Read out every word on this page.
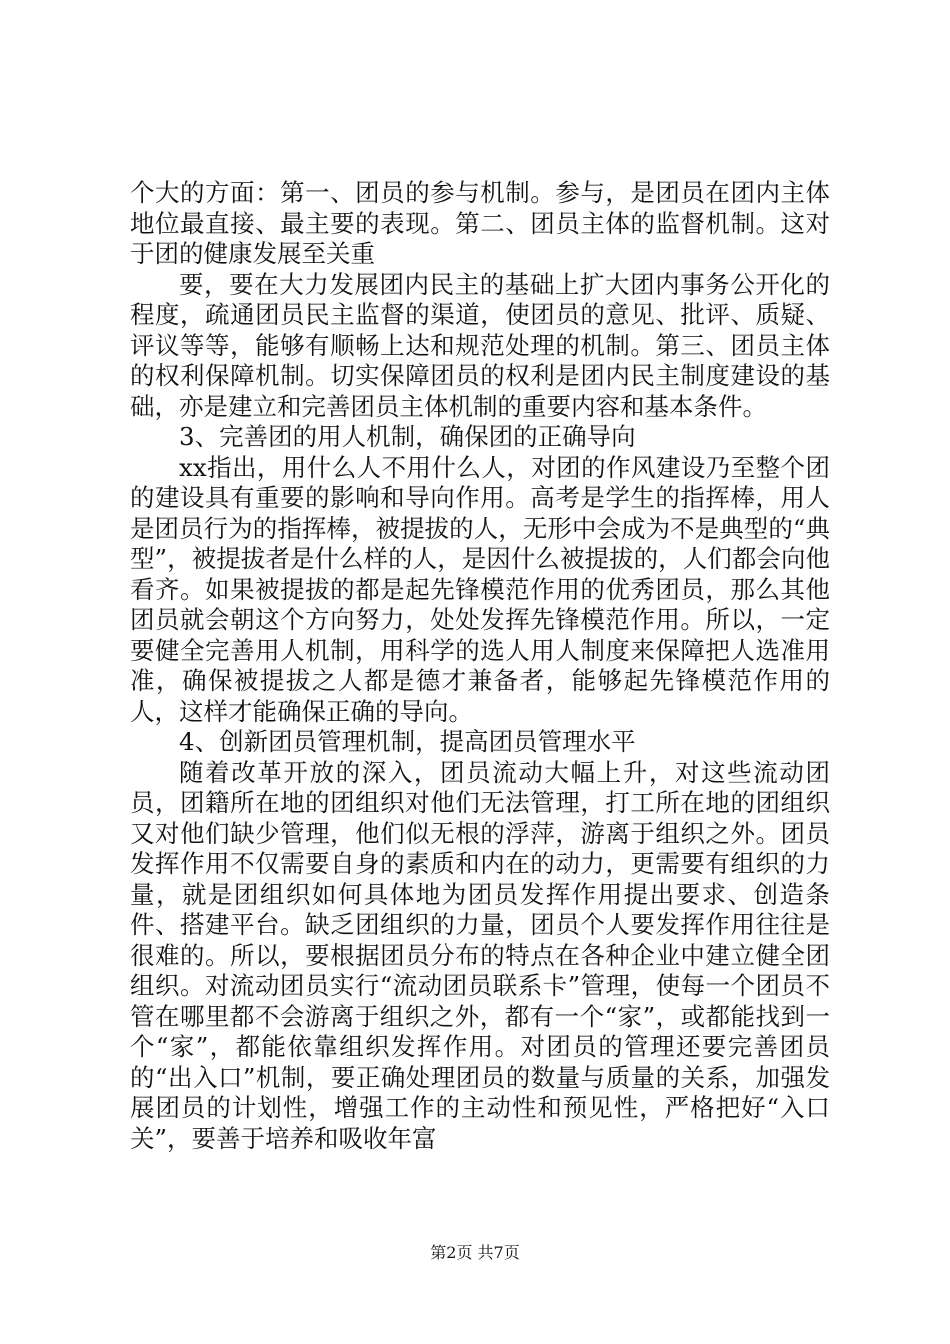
个大的方面：第一、团员的参与机制。参与，是团员在团内主体地位最直接、最主要的表现。第二、团员主体的监督机制。这对于团的健康发展至关重

要，要在大力发展团内民主的基础上扩大团内事务公开化的程度，疏通团员民主监督的渠道，使团员的意见、批评、质疑、评议等等，能够有顺畅上达和规范处理的机制。第三、团员主体的权利保障机制。切实保障团员的权利是团内民主制度建设的基础，亦是建立和完善团员主体机制的重要内容和基本条件。

3、完善团的用人机制，确保团的正确导向

xx指出，用什么人不用什么人，对团的作风建设乃至整个团的建设具有重要的影响和导向作用。高考是学生的指挥棒，用人是团员行为的指挥棒，被提拔的人，无形中会成为不是典型的“典型”，被提拔者是什么样的人，是因什么被提拔的，人们都会向他看齐。如果被提拔的都是起先锋模范作用的优秀团员，那么其他团员就会朝这个方向努力，处处发挥先锋模范作用。所以，一定要健全完善用人机制，用科学的选人用人制度来保障把人选准用准，确保被提拔之人都是德才兼备者，能够起先锋模范作用的人，这样才能确保正确的导向。

4、创新团员管理机制，提高团员管理水平

随着改革开放的深入，团员流动大幅上升，对这些流动团员，团籍所在地的团组织对他们无法管理，打工所在地的团组织又对他们缺少管理，他们似无根的浮萍，游离于组织之外。团员发挥作用不仅需要自身的素质和内在的动力，更需要有组织的力量，就是团组织如何具体地为团员发挥作用提出要求、创造条件、搭建平台。缺乏团组织的力量，团员个人要发挥作用往往是很难的。所以，要根据团员分布的特点在各种企业中建立健全团组织。对流动团员实行“流动团员联系卡”管理，使每一个团员不管在哪里都不会游离于组织之外，都有一个“家”，或都能找到一个“家”，都能依靠组织发挥作用。对团员的管理还要完善团员的“出入口”机制，要正确处理团员的数量与质量的关系，加强发展团员的计划性，增强工作的主动性和预见性，严格把好“入口关”，要善于培养和吸收年富

第2页 共7页
